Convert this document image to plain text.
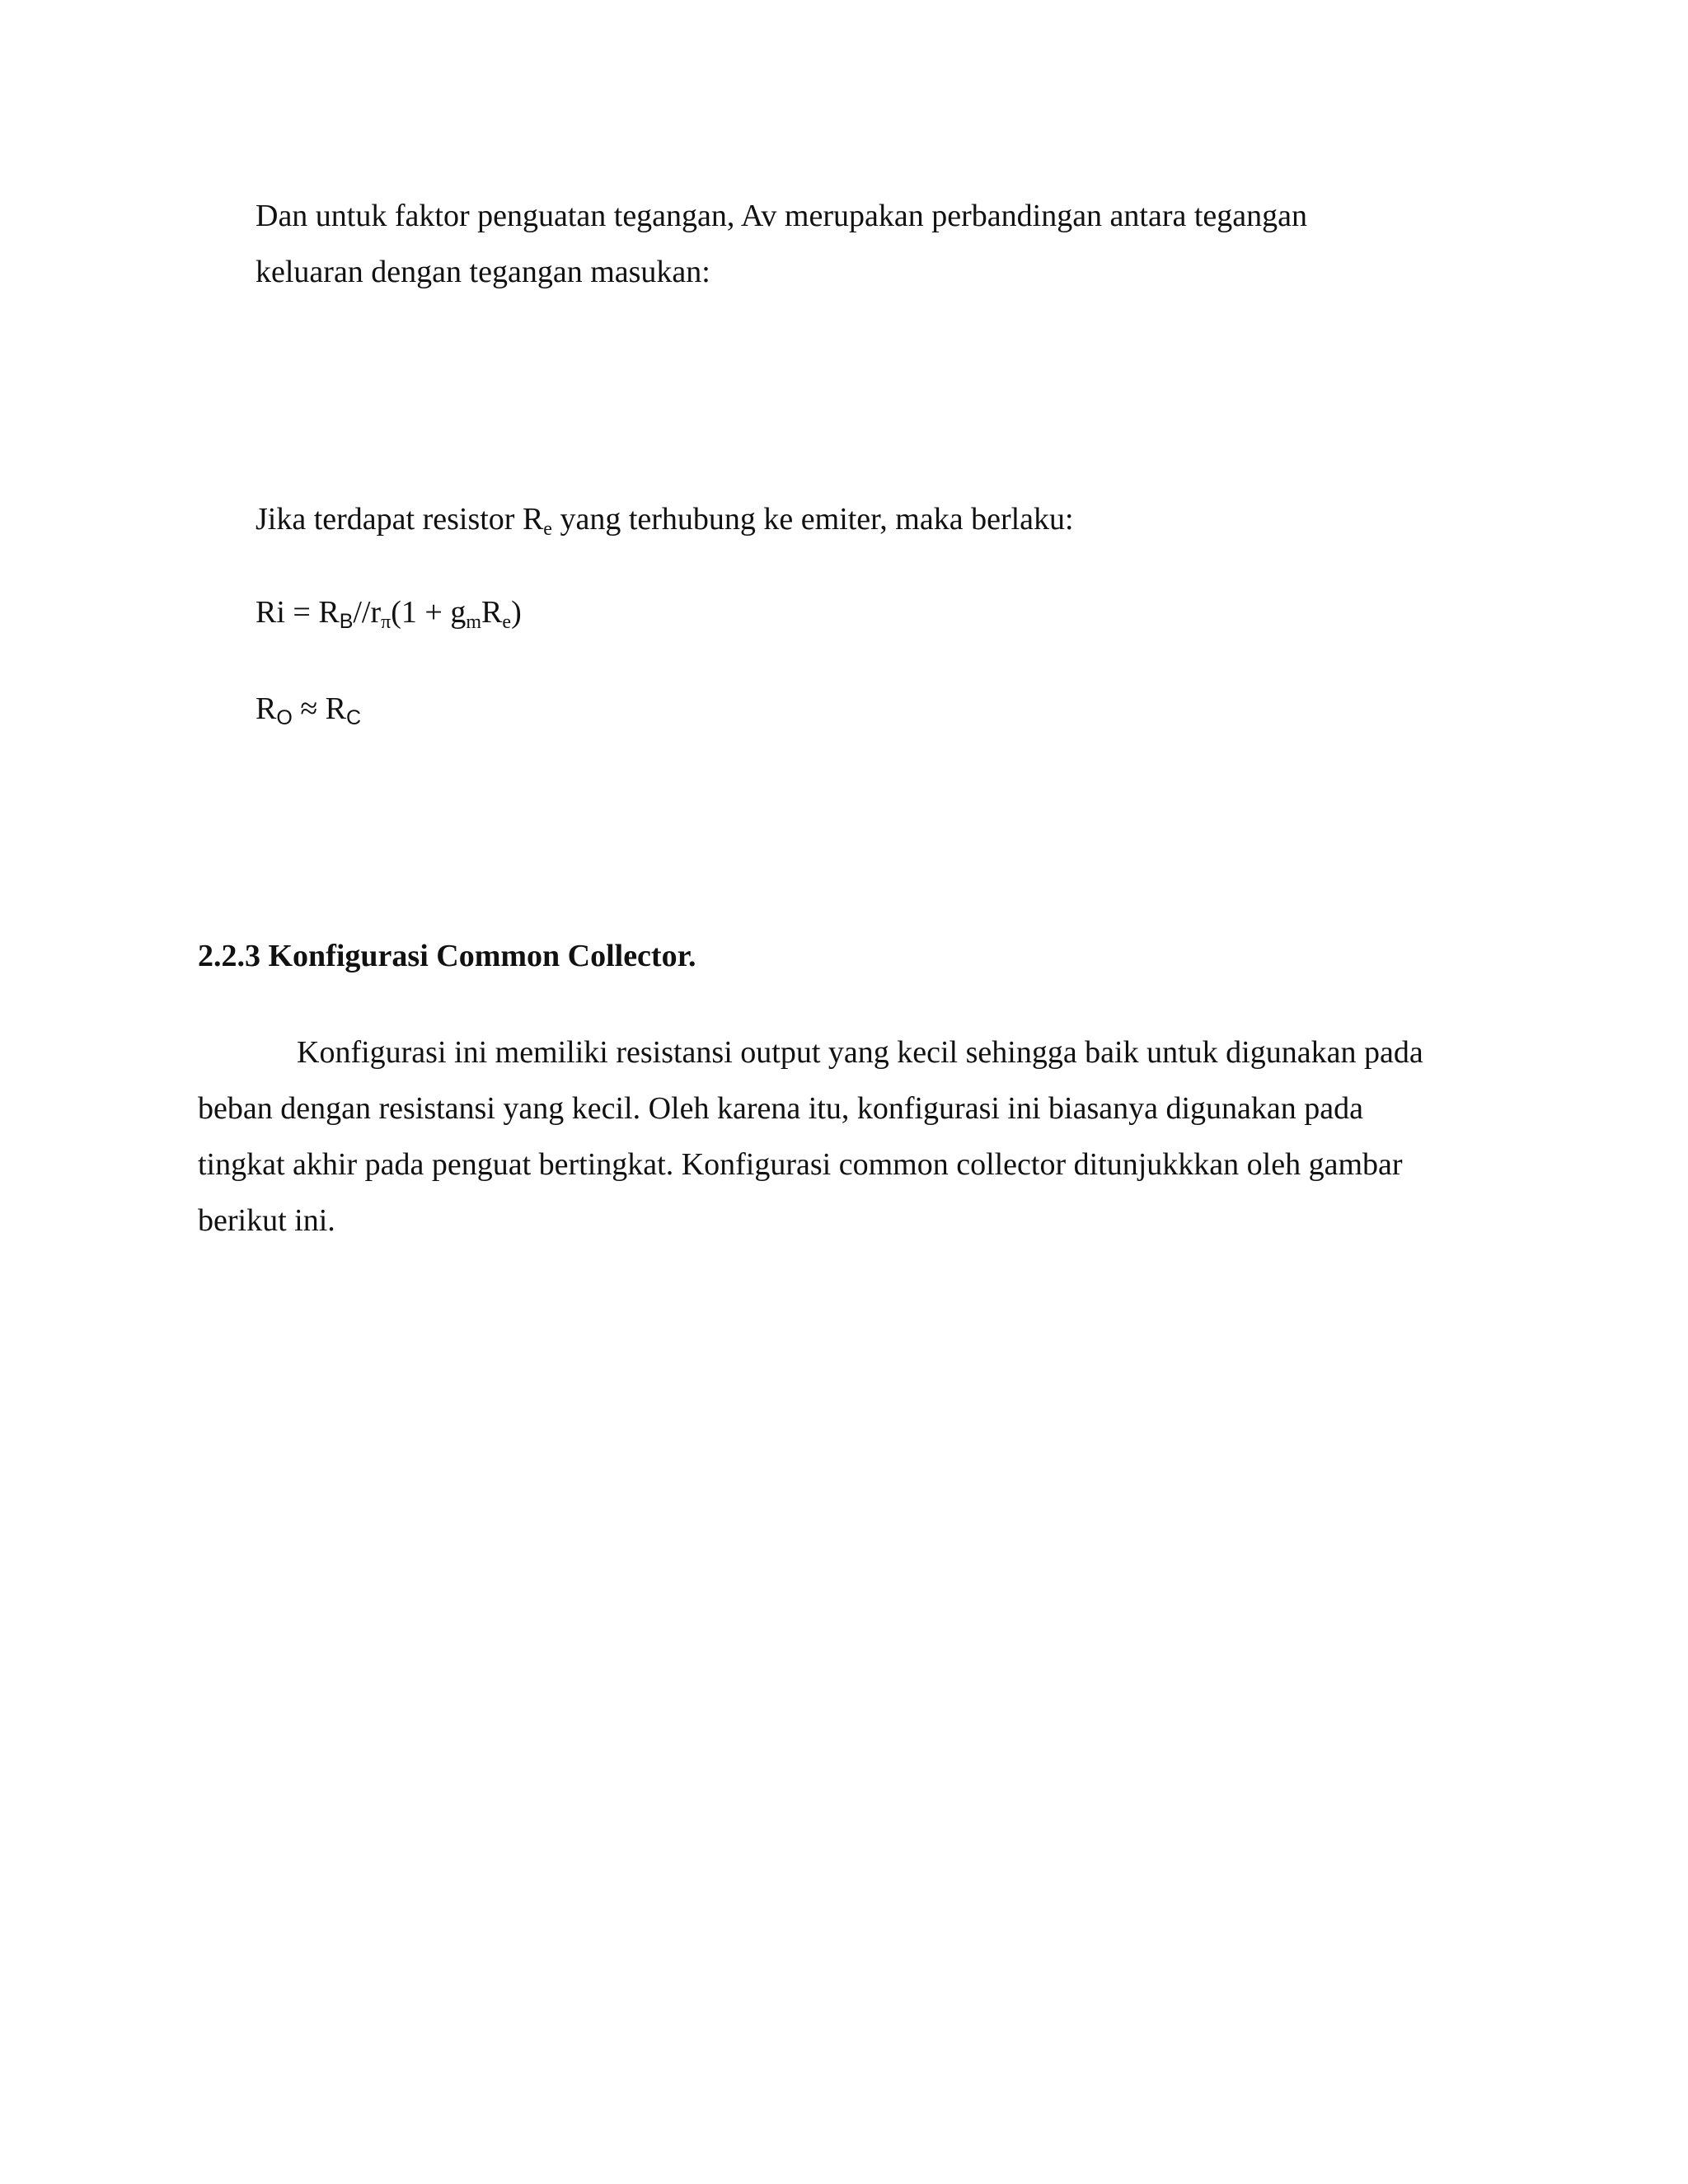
Dan untuk faktor penguatan tegangan, Av merupakan perbandingan antara tegangan
keluaran dengan tegangan masukan:
Jika terdapat resistor $R_e$ yang terhubung ke emiter, maka berlaku:
$Ri = RB//r_\pi(1 + g_mR_e)$
RO ≈ RC
2.2.3 Konfigurasi Common Collector.
Konfigurasi ini memiliki resistansi output yang kecil sehingga baik untuk digunakan pada
beban dengan resistansi yang kecil. Oleh karena itu, konfigurasi ini biasanya digunakan pada
tingkat akhir pada penguat bertingkat. Konfigurasi common collector ditunjukkkan oleh gambar
berikut ini.
